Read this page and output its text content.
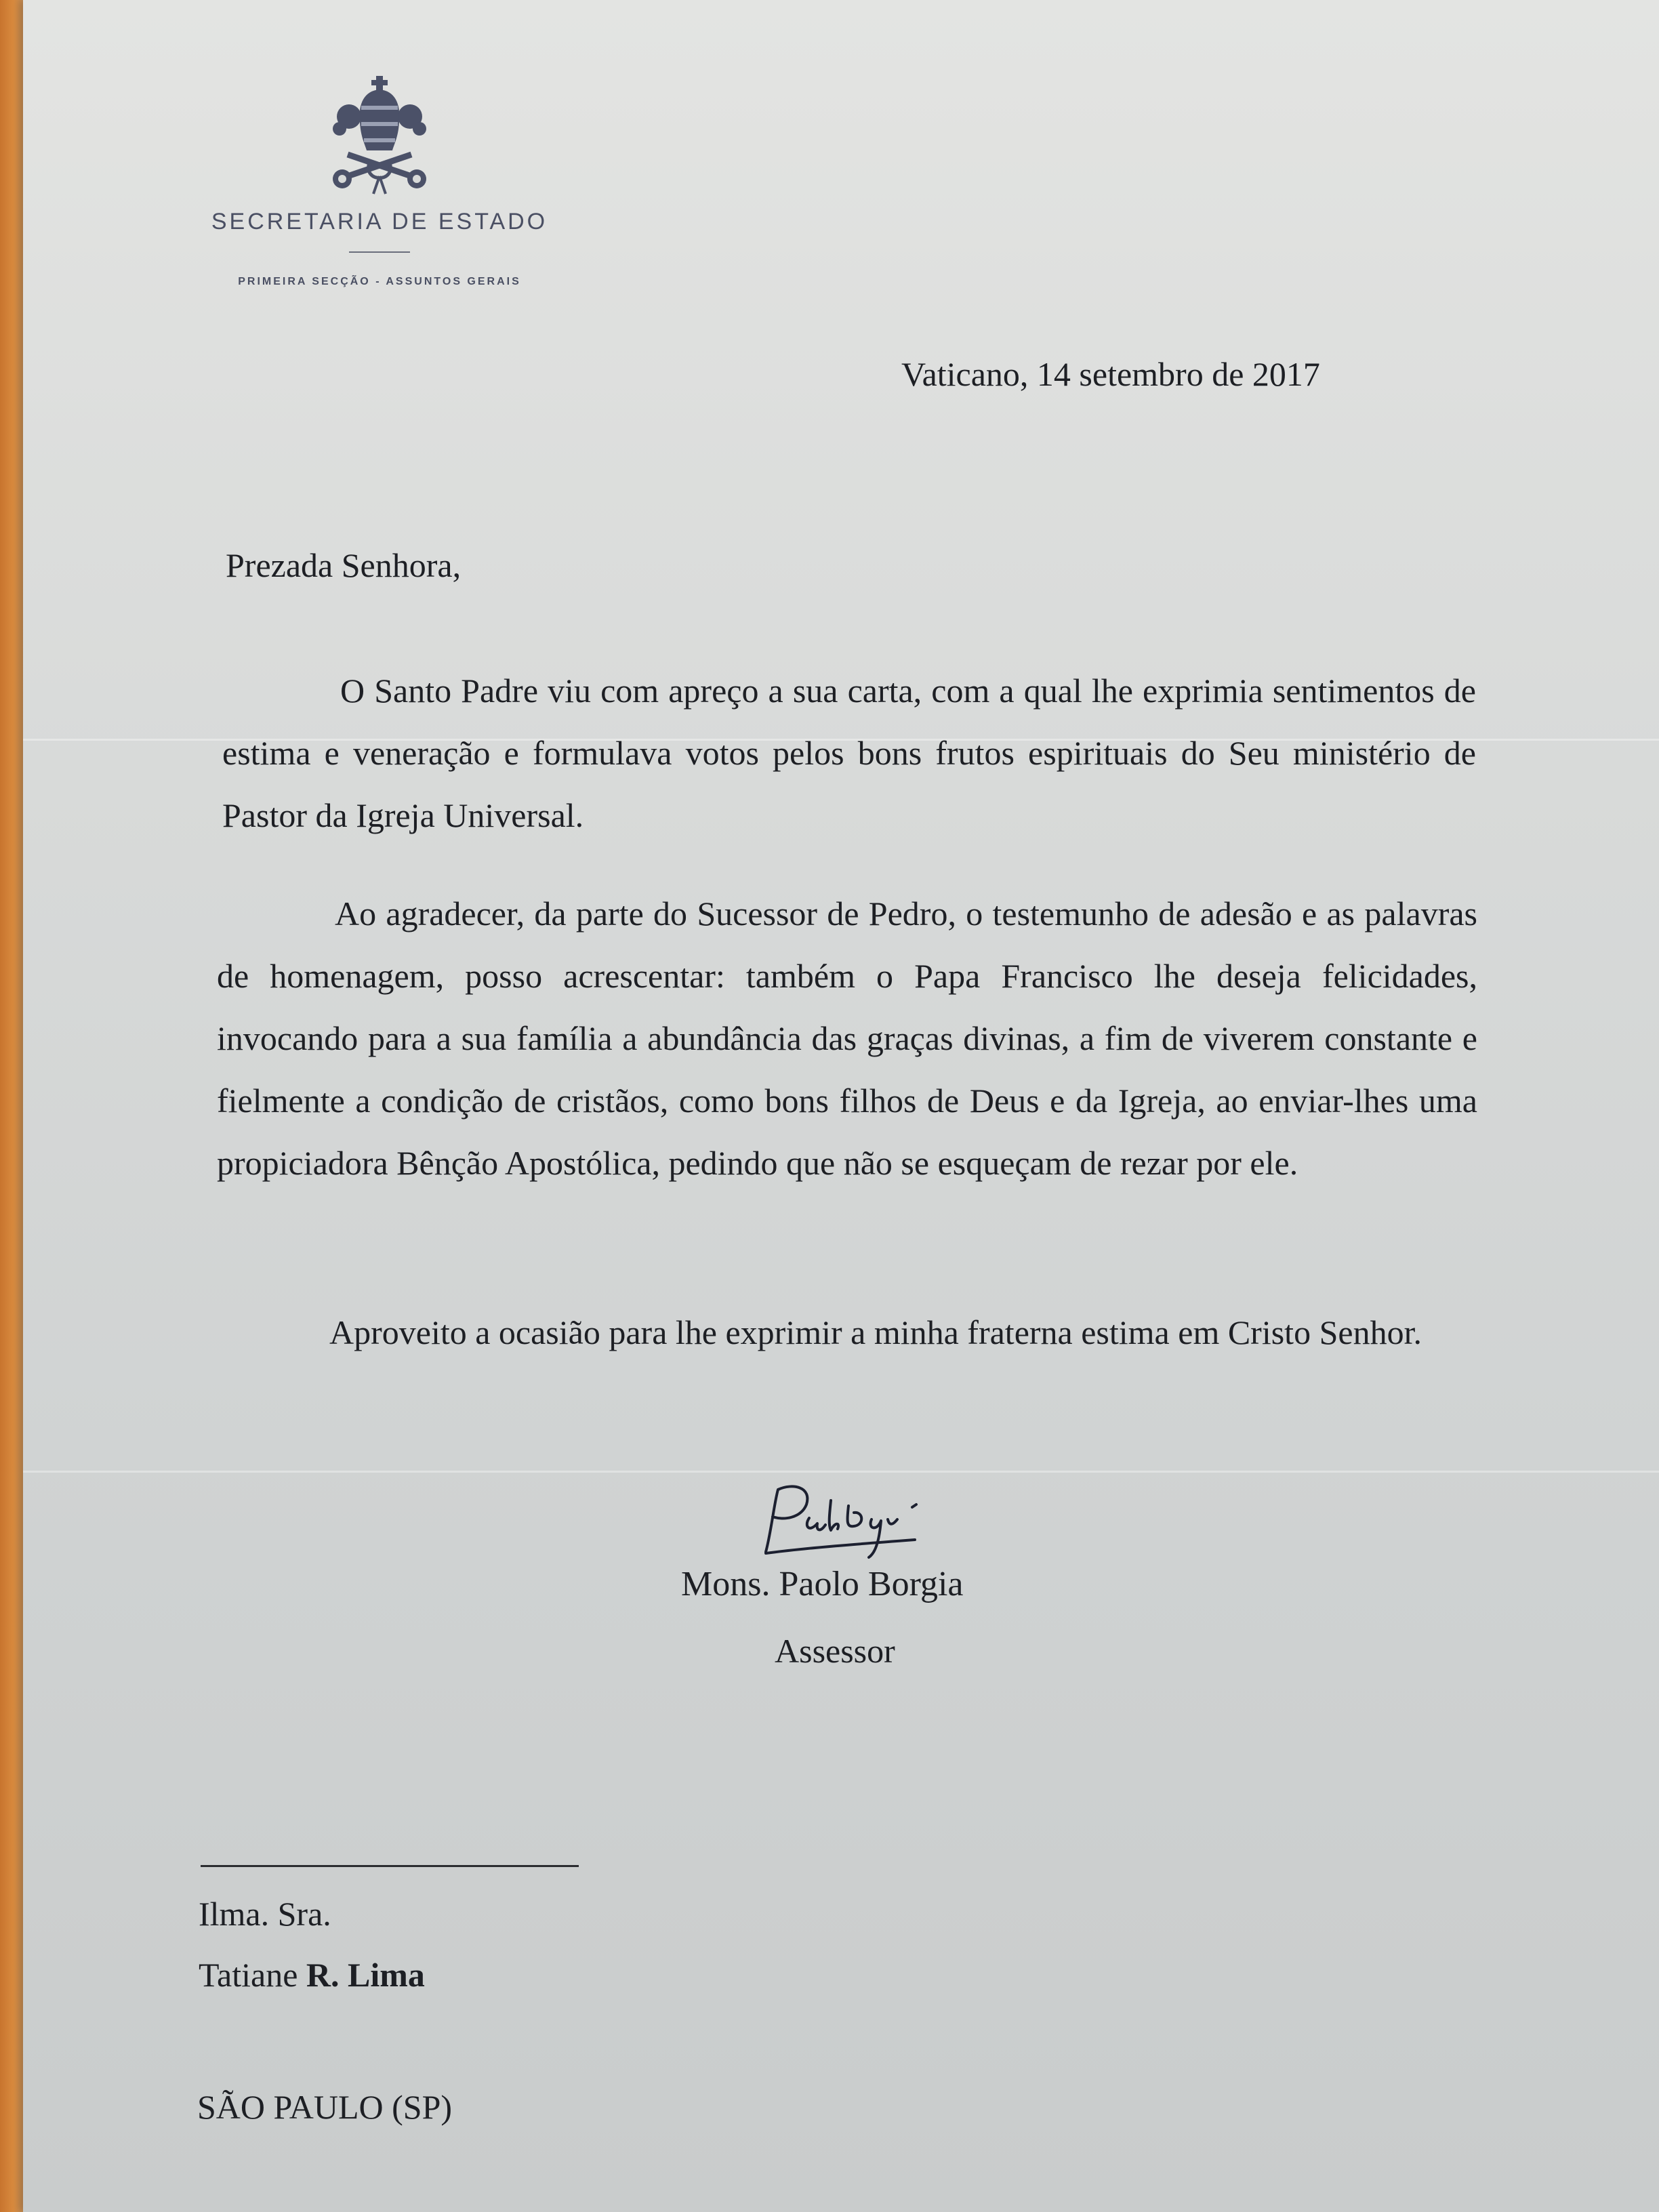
SECRETARIA DE ESTADO
PRIMEIRA SECÇÃO - ASSUNTOS GERAIS
Vaticano, 14 setembro de 2017
Prezada Senhora,
O Santo Padre viu com apreço a sua carta, com a qual lhe exprimia sentimentos de estima e veneração e formulava votos pelos bons frutos espirituais do Seu ministério de Pastor da Igreja Universal.
Ao agradecer, da parte do Sucessor de Pedro, o testemunho de adesão e as palavras de homenagem, posso acrescentar: também o Papa Francisco lhe deseja felicidades, invocando para a sua família a abundância das graças divinas, a fim de viverem constante e fielmente a condição de cristãos, como bons filhos de Deus e da Igreja, ao enviar-lhes uma propiciadora Bênção Apostólica, pedindo que não se esqueçam de rezar por ele.
Aproveito a ocasião para lhe exprimir a minha fraterna estima em Cristo Senhor.
Mons. Paolo Borgia
Assessor
Ilma. Sra.
Tatiane R. Lima
SÃO PAULO (SP)
